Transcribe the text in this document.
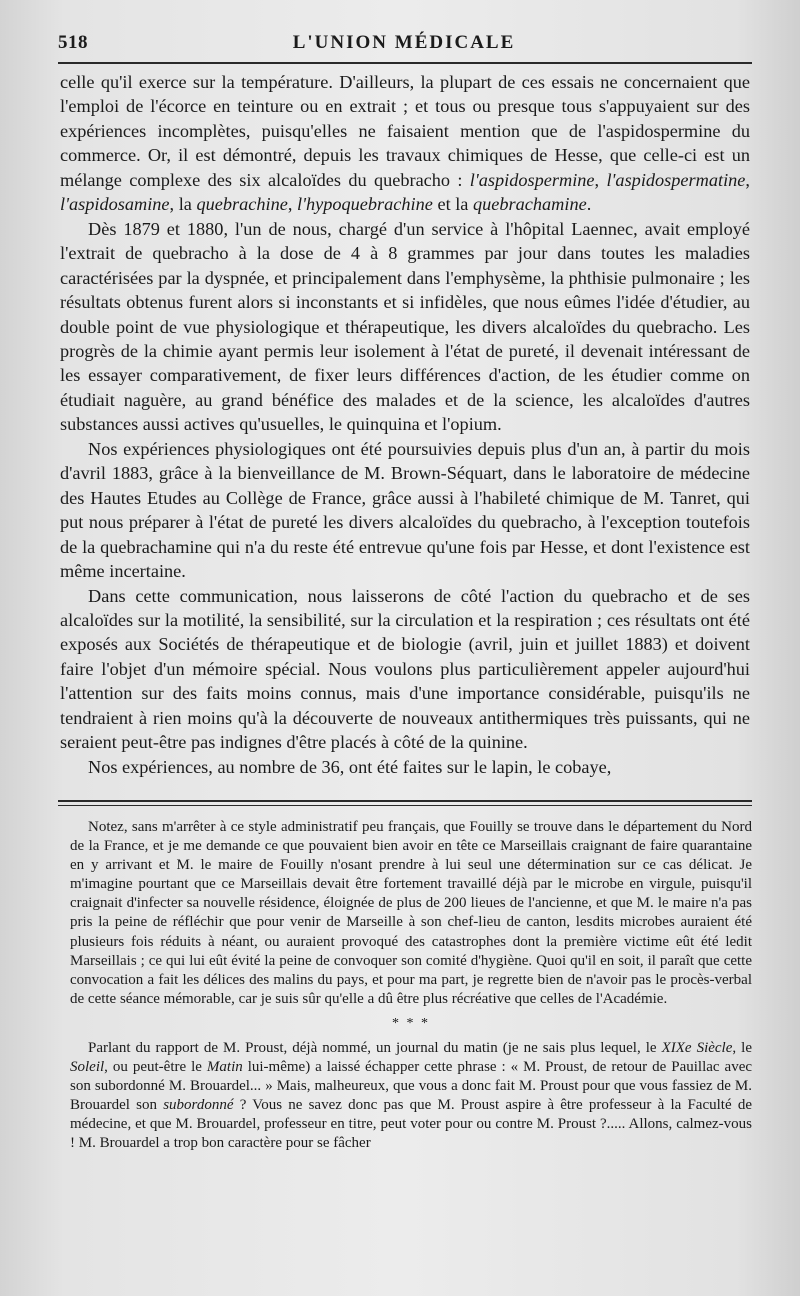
518	L'UNION MÉDICALE

celle qu'il exerce sur la température. D'ailleurs, la plupart de ces essais ne concernaient que l'emploi de l'écorce en teinture ou en extrait ; et tous ou presque tous s'appuyaient sur des expériences incomplètes, puisqu'elles ne faisaient mention que de l'aspidospermine du commerce. Or, il est démontré, depuis les travaux chimiques de Hesse, que celle-ci est un mélange complexe des six alcaloïdes du quebracho : l'aspidospermine, l'aspidospermatine, l'aspidosamine, la quebrachine, l'hypoquebrachine et la quebrachamine.

Dès 1879 et 1880, l'un de nous, chargé d'un service à l'hôpital Laennec, avait employé l'extrait de quebracho à la dose de 4 à 8 grammes par jour dans toutes les maladies caractérisées par la dyspnée, et principalement dans l'emphysème, la phthisie pulmonaire ; les résultats obtenus furent alors si inconstants et si infidèles, que nous eûmes l'idée d'étudier, au double point de vue physiologique et thérapeutique, les divers alcaloïdes du quebracho. Les progrès de la chimie ayant permis leur isolement à l'état de pureté, il devenait intéressant de les essayer comparativement, de fixer leurs différences d'action, de les étudier comme on étudiait naguère, au grand bénéfice des malades et de la science, les alcaloïdes d'autres substances aussi actives qu'usuelles, le quinquina et l'opium.

Nos expériences physiologiques ont été poursuivies depuis plus d'un an, à partir du mois d'avril 1883, grâce à la bienveillance de M. Brown-Séquart, dans le laboratoire de médecine des Hautes Etudes au Collège de France, grâce aussi à l'habileté chimique de M. Tanret, qui put nous préparer à l'état de pureté les divers alcaloïdes du quebracho, à l'exception toutefois de la quebrachamine qui n'a du reste été entrevue qu'une fois par Hesse, et dont l'existence est même incertaine.

Dans cette communication, nous laisserons de côté l'action du quebracho et de ses alcaloïdes sur la motilité, la sensibilité, sur la circulation et la respiration ; ces résultats ont été exposés aux Sociétés de thérapeutique et de biologie (avril, juin et juillet 1883) et doivent faire l'objet d'un mémoire spécial. Nous voulons plus particulièrement appeler aujourd'hui l'attention sur des faits moins connus, mais d'une importance considérable, puisqu'ils ne tendraient à rien moins qu'à la découverte de nouveaux antithermiques très puissants, qui ne seraient peut-être pas indignes d'être placés à côté de la quinine.

Nos expériences, au nombre de 36, ont été faites sur le lapin, le cobaye,

Notez, sans m'arrêter à ce style administratif peu français, que Fouilly se trouve dans le département du Nord de la France, et je me demande ce que pouvaient bien avoir en tête ce Marseillais craignant de faire quarantaine en y arrivant et M. le maire de Fouilly n'osant prendre à lui seul une détermination sur ce cas délicat. Je m'imagine pourtant que ce Marseillais devait être fortement travaillé déjà par le microbe en virgule, puisqu'il craignait d'infecter sa nouvelle résidence, éloignée de plus de 200 lieues de l'ancienne, et que M. le maire n'a pas pris la peine de réfléchir que pour venir de Marseille à son chef-lieu de canton, lesdits microbes auraient été plusieurs fois réduits à néant, ou auraient provoqué des catastrophes dont la première victime eût été ledit Marseillais ; ce qui lui eût évité la peine de convoquer son comité d'hygiène. Quoi qu'il en soit, il paraît que cette convocation a fait les délices des malins du pays, et pour ma part, je regrette bien de n'avoir pas le procès-verbal de cette séance mémorable, car je suis sûr qu'elle a dû être plus récréative que celles de l'Académie.

* * *

Parlant du rapport de M. Proust, déjà nommé, un journal du matin (je ne sais plus lequel, le XIXe Siècle, le Soleil, ou peut-être le Matin lui-même) a laissé échapper cette phrase : « M. Proust, de retour de Pauillac avec son subordonné M. Brouardel... » Mais, malheureux, que vous a donc fait M. Proust pour que vous fassiez de M. Brouardel son subordonné ? Vous ne savez donc pas que M. Proust aspire à être professeur à la Faculté de médecine, et que M. Brouardel, professeur en titre, peut voter pour ou contre M. Proust ?..... Allons, calmez-vous ! M. Brouardel a trop bon caractère pour se fâcher
